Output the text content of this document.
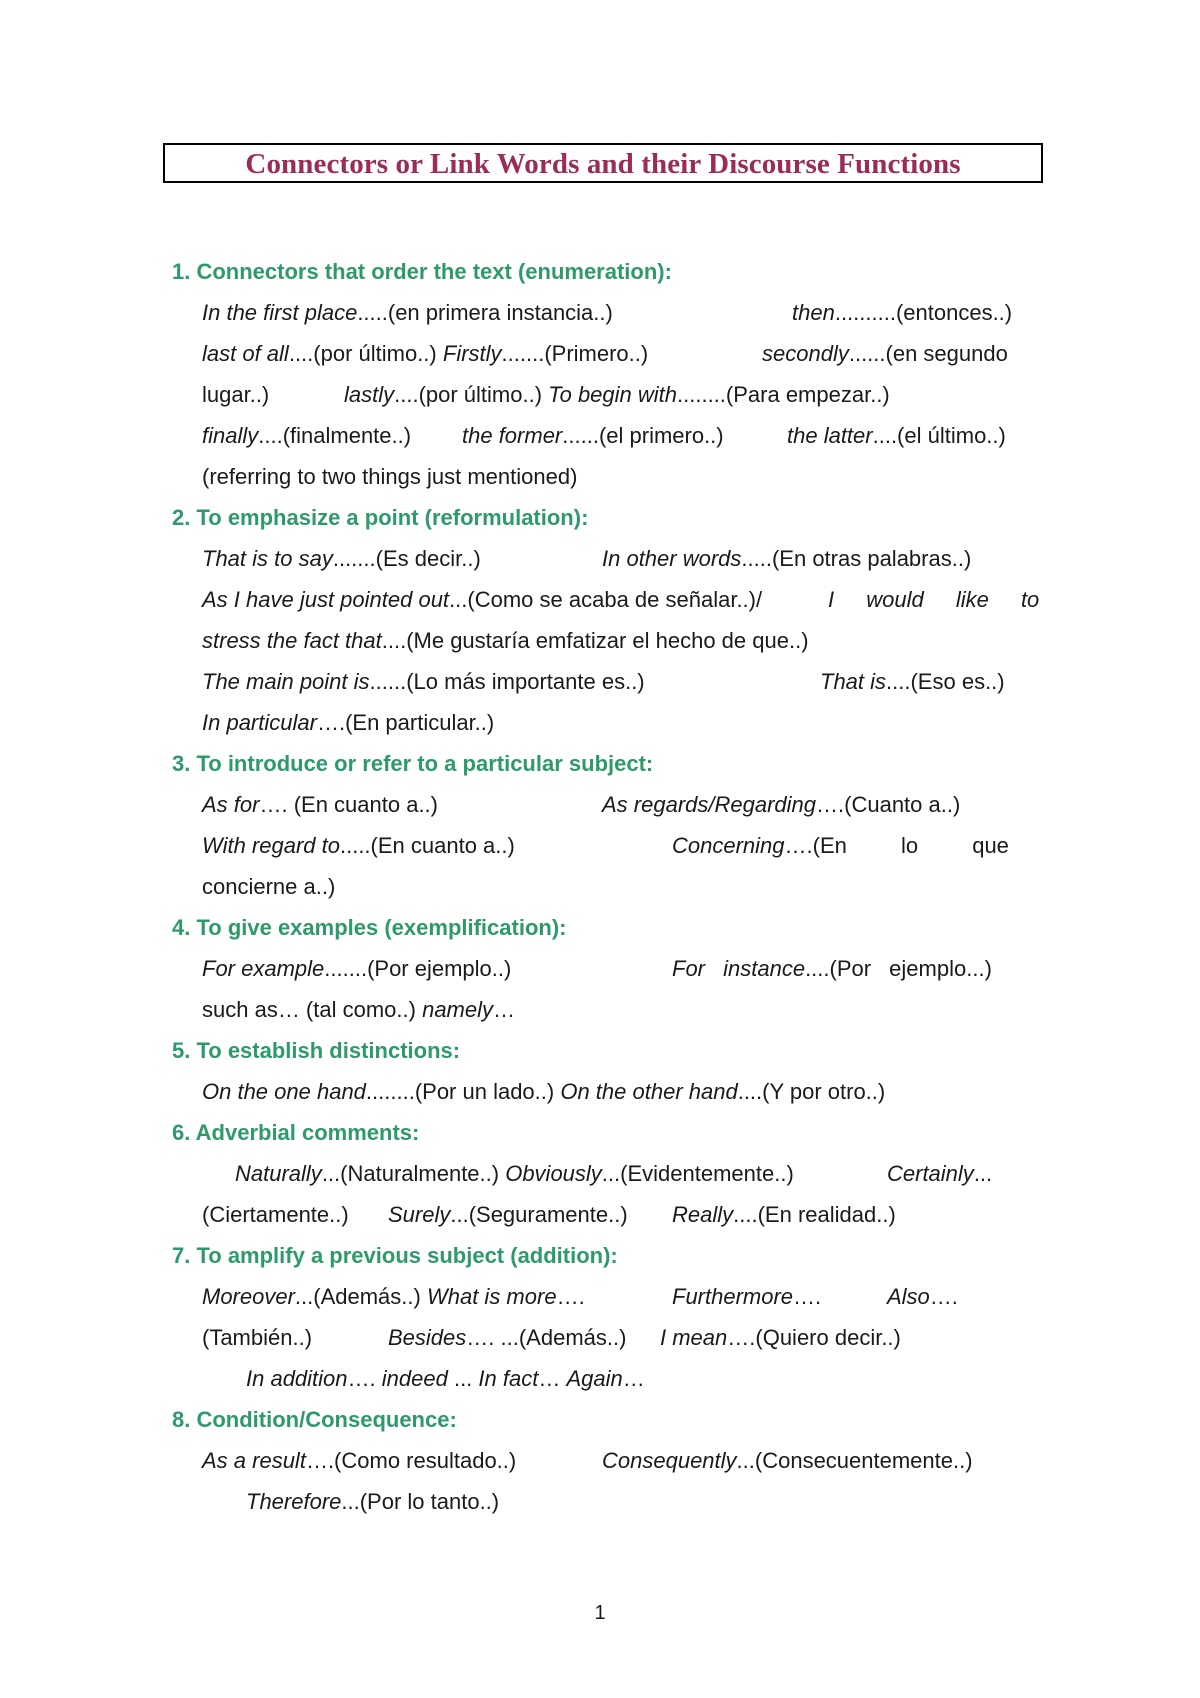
Connectors or Link Words and their Discourse Functions
1. Connectors that order the text (enumeration):
In the first place.....(en primera instancia..)	then..........(entonces..)
last of all....(por último..) Firstly.......(Primero..)	secondly......(en segundo
lugar..)	lastly....(por último..) To begin with........(Para empezar..)
finally....(finalmente..) the former......(el primero..)	the latter....(el último..)
(referring to two things just mentioned)
2. To emphasize a point (reformulation):
That is to say.......(Es decir..)	In other words.....(En otras palabras..)
As I have just pointed out...(Como se acaba de señalar..)/	I would like to
stress the fact that....(Me gustaría emfatizar el hecho de que..)
The main point is......(Lo más importante es..)	That is....(Eso es..)
In particular….(En particular..)
3. To introduce or refer to a particular subject:
As for…. (En cuanto a..)	As regards/Regarding….(Cuanto a..)
With regard to.....(En cuanto a..)	Concerning….(En lo que
concierne a..)
4. To give examples (exemplification):
For example.......(Por ejemplo..)	For instance....(Por ejemplo...)
such as… (tal como..) namely…
5. To establish distinctions:
On the one hand........(Por un lado..) On the other hand....(Y por otro..)
6. Adverbial comments:
Naturally...(Naturalmente..) Obviously...(Evidentemente..)	Certainly...
(Ciertamente..) Surely...(Seguramente..) Really....(En realidad..)
7. To amplify a previous subject (addition):
Moreover...(Además..) What is more….	Furthermore….	Also….
(También..)	Besides…. ...(Además..) I mean….(Quiero decir..)
In addition…. indeed ... In fact… Again…
8. Condition/Consequence:
As a result….(Como resultado..)	Consequently...(Consecuentemente..)
Therefore...(Por lo tanto..)
1
